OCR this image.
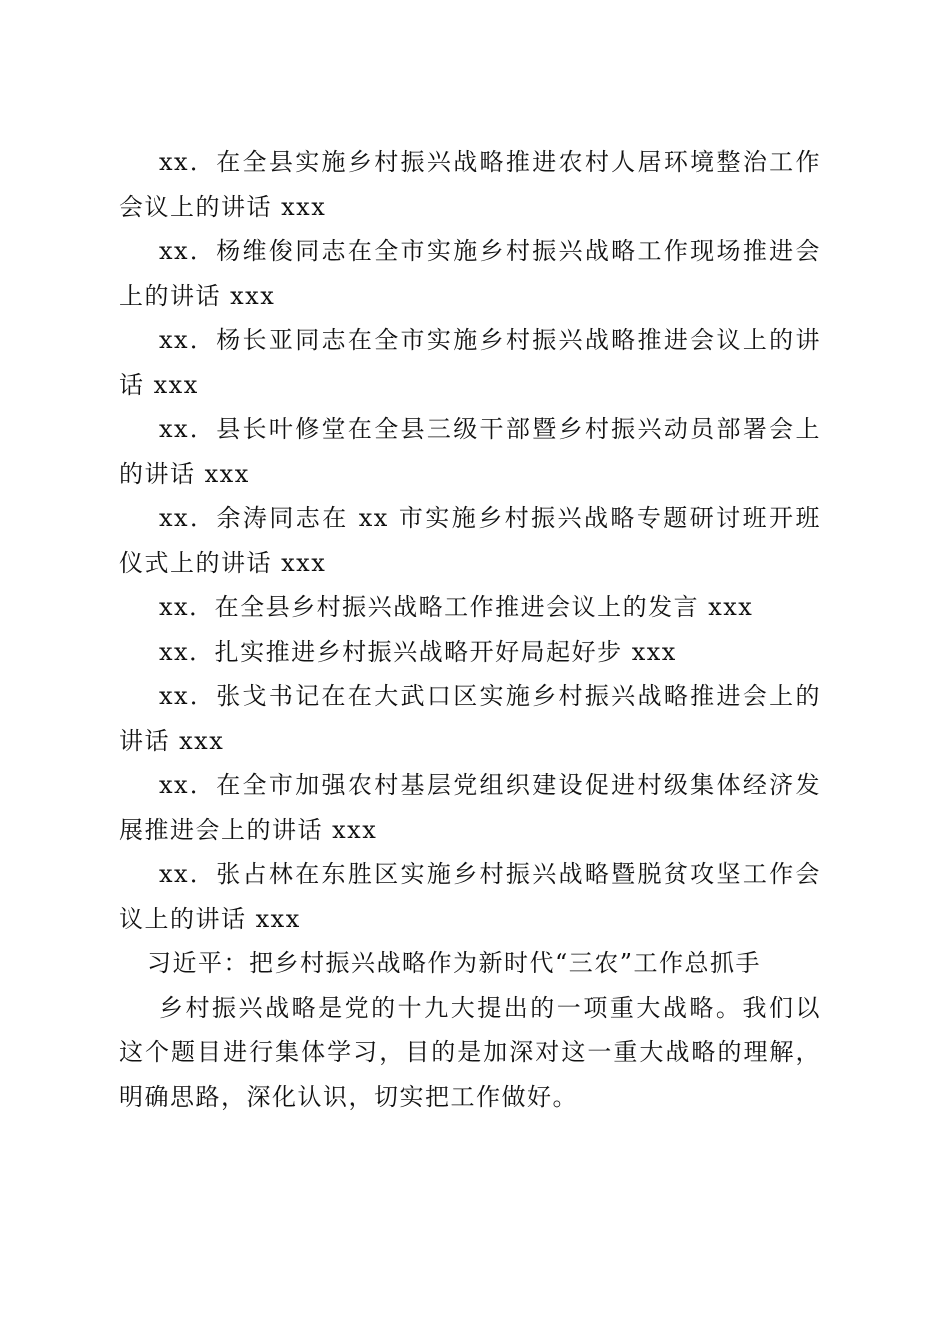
xx．在全县实施乡村振兴战略推进农村人居环境整治工作会议上的讲话 xxx

xx．杨维俊同志在全市实施乡村振兴战略工作现场推进会上的讲话 xxx

xx．杨长亚同志在全市实施乡村振兴战略推进会议上的讲话 xxx

xx．县长叶修堂在全县三级干部暨乡村振兴动员部署会上的讲话 xxx

xx．余涛同志在 xx 市实施乡村振兴战略专题研讨班开班仪式上的讲话 xxx

xx．在全县乡村振兴战略工作推进会议上的发言 xxx

xx．扎实推进乡村振兴战略开好局起好步 xxx

xx．张戈书记在在大武口区实施乡村振兴战略推进会上的讲话 xxx

xx．在全市加强农村基层党组织建设促进村级集体经济发展推进会上的讲话 xxx

xx．张占林在东胜区实施乡村振兴战略暨脱贫攻坚工作会议上的讲话 xxx

习近平：把乡村振兴战略作为新时代“三农”工作总抓手

乡村振兴战略是党的十九大提出的一项重大战略。我们以这个题目进行集体学习，目的是加深对这一重大战略的理解，明确思路，深化认识，切实把工作做好。
